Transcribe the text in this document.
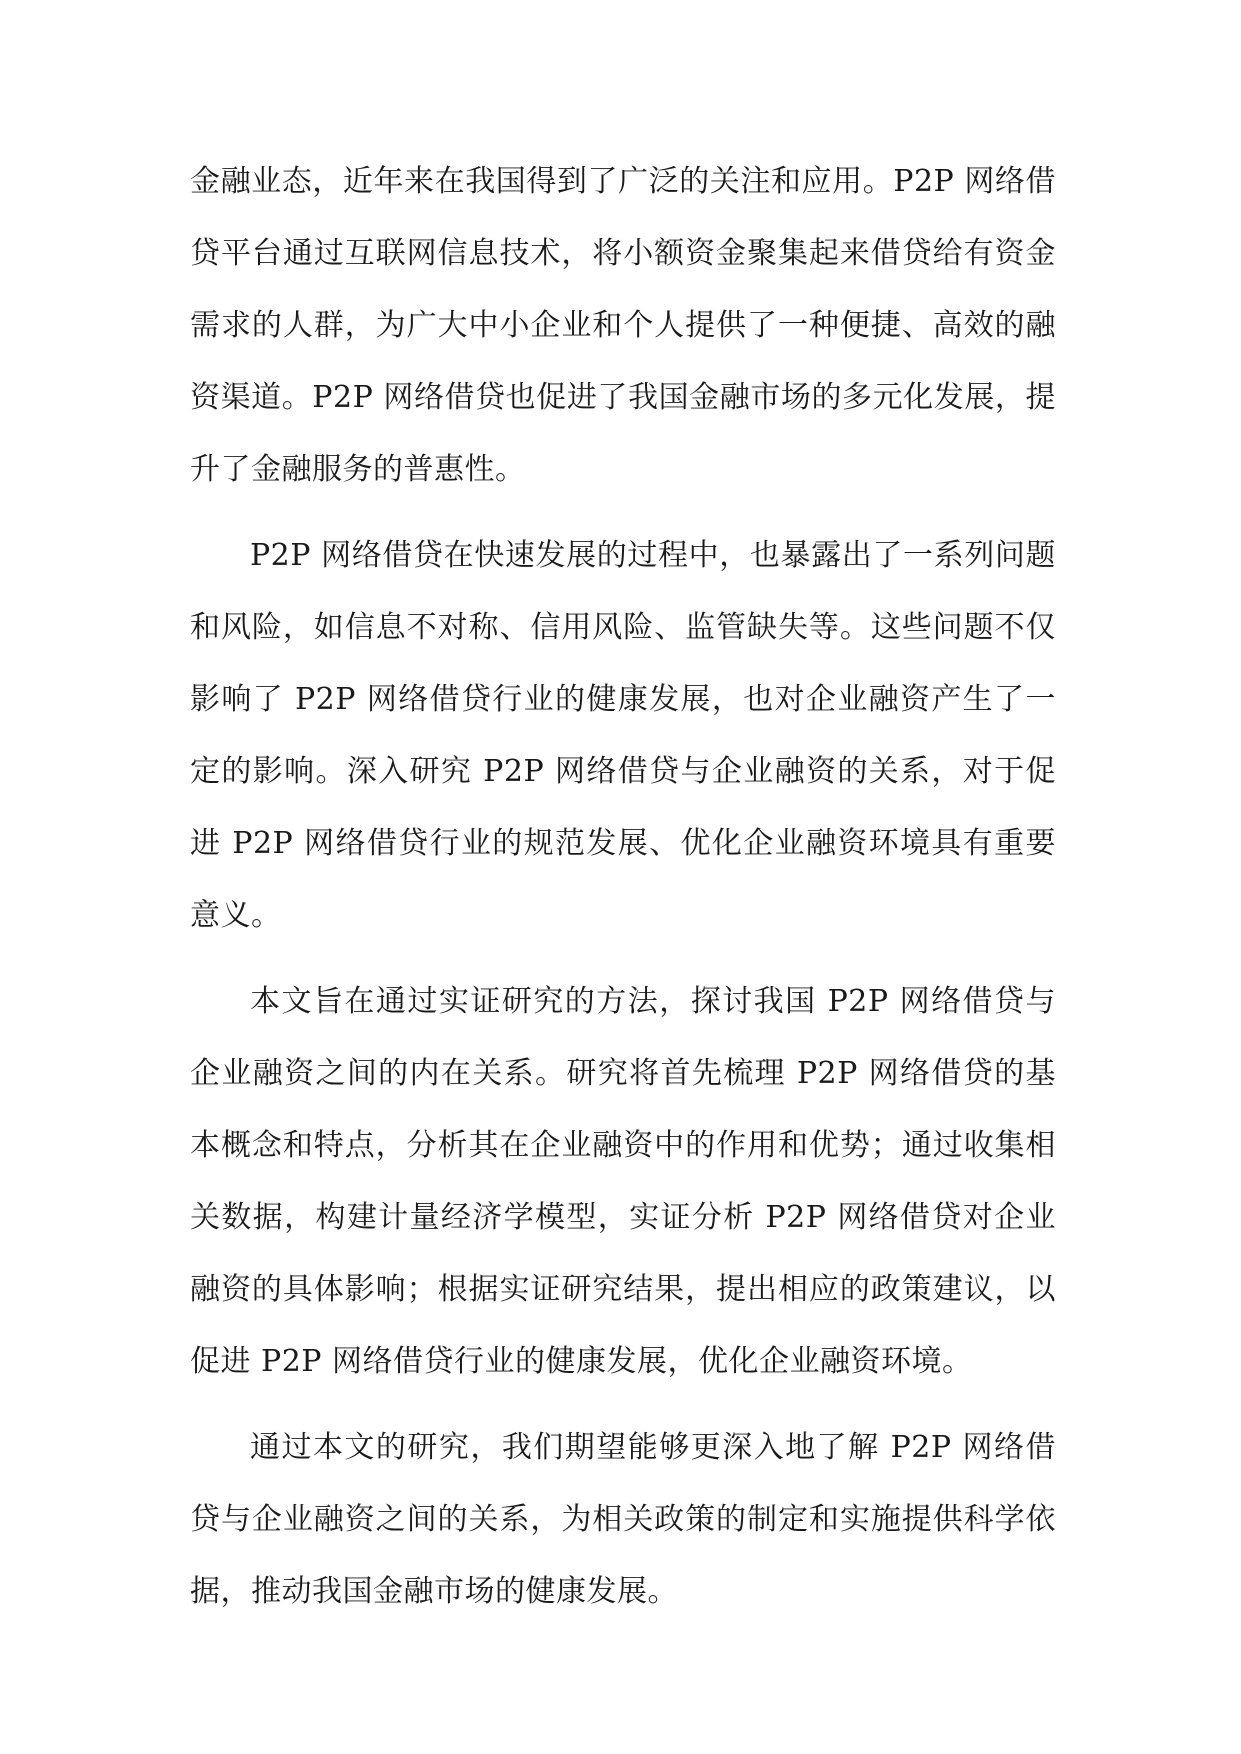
金融业态，近年来在我国得到了广泛的关注和应用。P2P 网络借贷平台通过互联网信息技术，将小额资金聚集起来借贷给有资金需求的人群，为广大中小企业和个人提供了一种便捷、高效的融资渠道。P2P 网络借贷也促进了我国金融市场的多元化发展，提升了金融服务的普惠性。

P2P 网络借贷在快速发展的过程中，也暴露出了一系列问题和风险，如信息不对称、信用风险、监管缺失等。这些问题不仅影响了 P2P 网络借贷行业的健康发展，也对企业融资产生了一定的影响。深入研究 P2P 网络借贷与企业融资的关系，对于促进 P2P 网络借贷行业的规范发展、优化企业融资环境具有重要意义。

本文旨在通过实证研究的方法，探讨我国 P2P 网络借贷与企业融资之间的内在关系。研究将首先梳理 P2P 网络借贷的基本概念和特点，分析其在企业融资中的作用和优势；通过收集相关数据，构建计量经济学模型，实证分析 P2P 网络借贷对企业融资的具体影响；根据实证研究结果，提出相应的政策建议，以促进 P2P 网络借贷行业的健康发展，优化企业融资环境。

通过本文的研究，我们期望能够更深入地了解 P2P 网络借贷与企业融资之间的关系，为相关政策的制定和实施提供科学依据，推动我国金融市场的健康发展。
